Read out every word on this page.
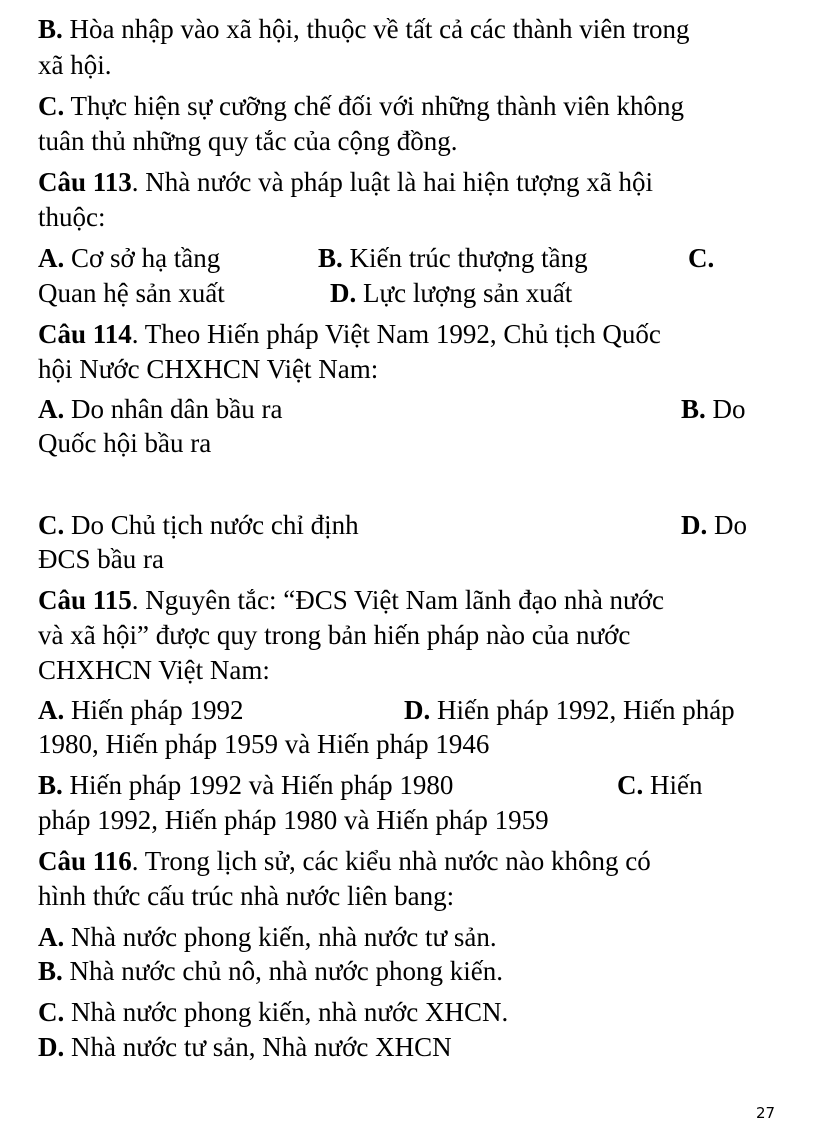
B. Hòa nhập vào xã hội, thuộc về tất cả các thành viên trong
xã hội.
C. Thực hiện sự cưỡng chế đối với những thành viên không
tuân thủ những quy tắc của cộng đồng.
Câu 113. Nhà nước và pháp luật là hai hiện tượng xã hội
thuộc:
A. Cơ sở hạ tầng	B. Kiến trúc thượng tầng	C.
Quan hệ sản xuất	D. Lực lượng sản xuất
Câu 114. Theo Hiến pháp Việt Nam 1992, Chủ tịch Quốc
hội Nước CHXHCN Việt Nam:
A. Do nhân dân bầu ra	B. Do
Quốc hội bầu ra
C. Do Chủ tịch nước chỉ định	D. Do
ĐCS bầu ra
Câu 115. Nguyên tắc: “ĐCS Việt Nam lãnh đạo nhà nước
và xã hội” được quy trong bản hiến pháp nào của nước
CHXHCN Việt Nam:
A. Hiến pháp 1992	D. Hiến pháp 1992, Hiến pháp
1980, Hiến pháp 1959 và Hiến pháp 1946
B. Hiến pháp 1992 và Hiến pháp 1980	C. Hiến
pháp 1992, Hiến pháp 1980 và Hiến pháp 1959
Câu 116. Trong lịch sử, các kiểu nhà nước nào không có
hình thức cấu trúc nhà nước liên bang:
A. Nhà nước phong kiến, nhà nước tư sản.
B. Nhà nước chủ nô, nhà nước phong kiến.
C. Nhà nước phong kiến, nhà nước XHCN.
D. Nhà nước tư sản, Nhà nước XHCN
27
